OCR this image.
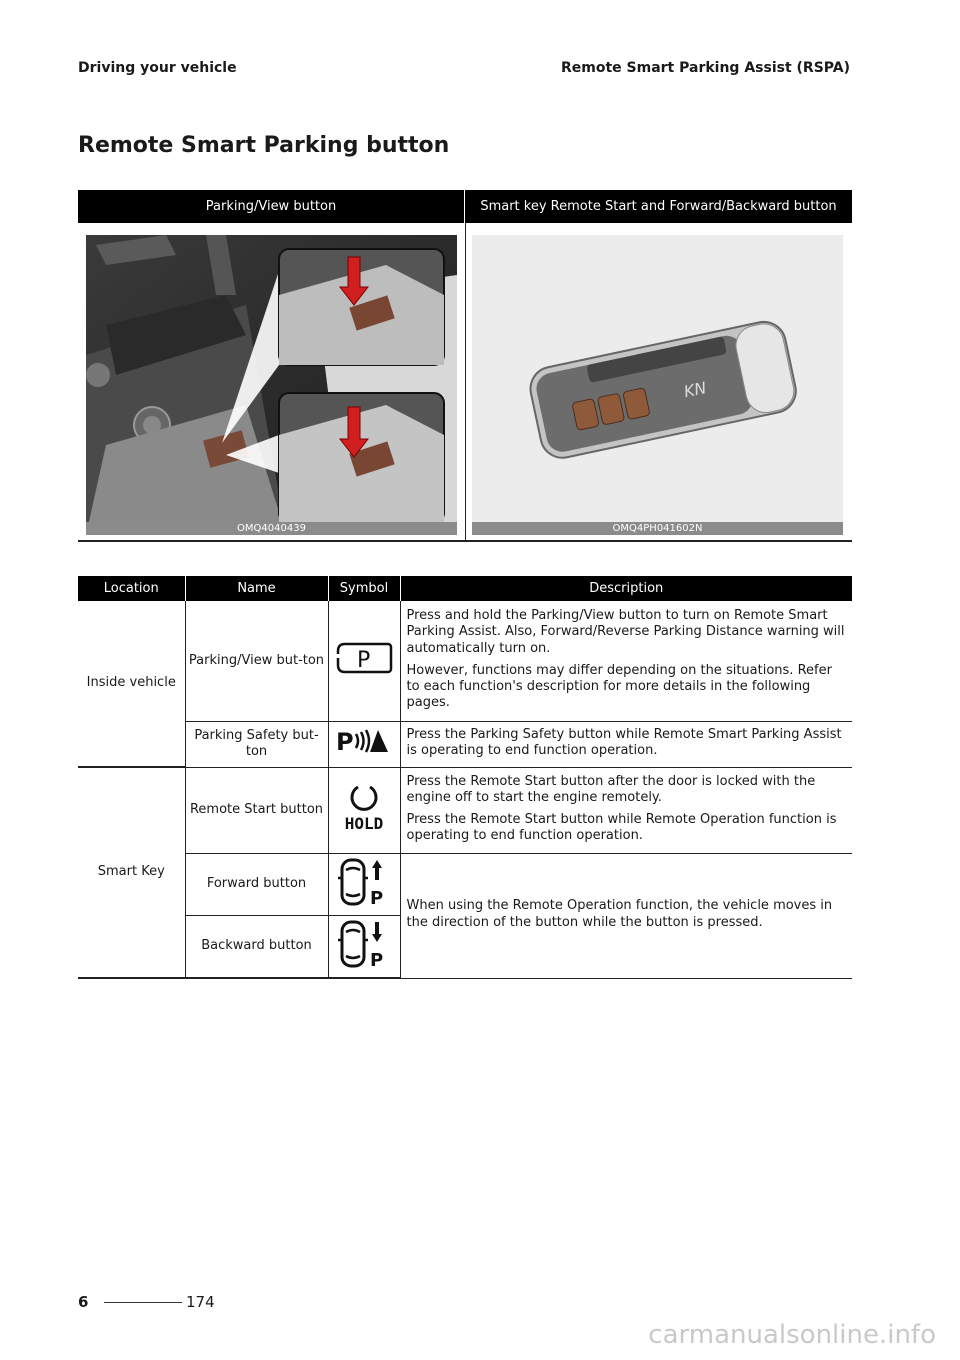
Driving your vehicle	Remote Smart Parking Assist (RSPA)
Remote Smart Parking button
Parking/View button	Smart key Remote Start and Forward/Backward button
OMQ4040439
KN
OMQ4PH041602N
Location	Name	Symbol	Description
Inside vehicle	Parking/View but-ton	P	Press and hold the Parking/View button to turn on Remote Smart Parking Assist. Also, Forward/Reverse Parking Distance warning will automatically turn on.

However, functions may differ depending on the situations. Refer to each function's description for more details in the following pages.

	Parking Safety but-ton	P	Press the Parking Safety button while Remote Smart Parking Assist is operating to end function operation.
Smart Key	Remote Start button	HOLD	Press the Remote Start button after the door is locked with the engine off to start the engine remotely.

Press the Remote Start button while Remote Operation function is operating to end function operation.

	Forward button	P	When using the Remote Operation function, the vehicle moves in the direction of the button while the button is pressed.
	Backward button	P	
6	174
carmanualsonline.info
